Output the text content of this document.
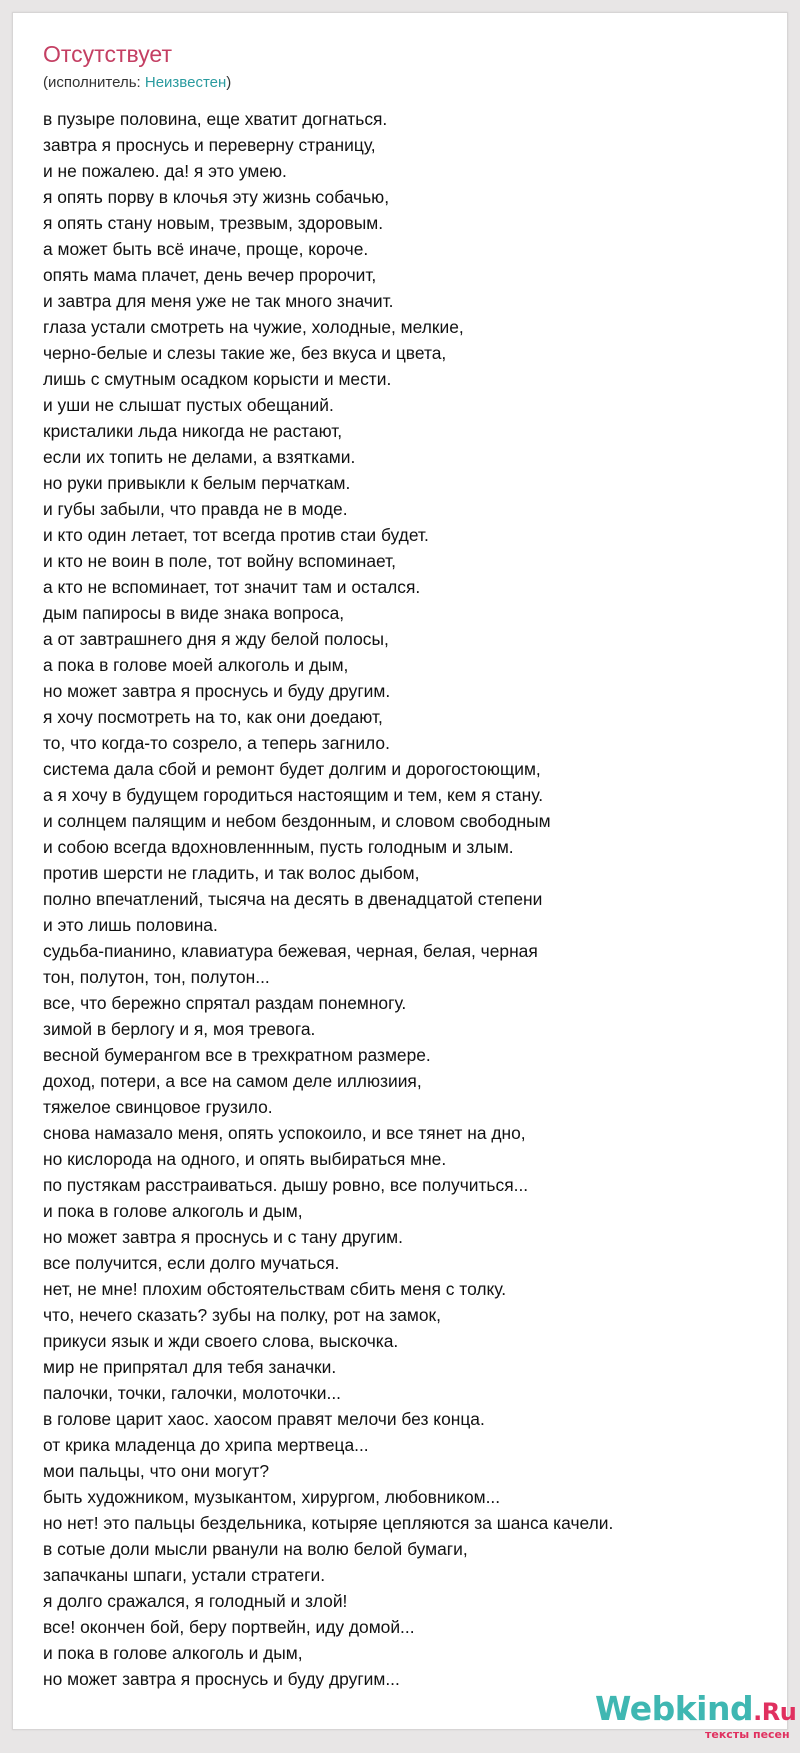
Отсутствует
(исполнитель: Неизвестен)
в пузыре половина, еще хватит догнаться.
завтра я проснусь и переверну страницу,
и не пожалею. да! я это умею.
я опять порву в клочья эту жизнь собачью,
я опять стану новым, трезвым, здоровым.
а может быть всё иначе, проще, короче.
опять мама плачет, день вечер пророчит,
и завтра для меня уже не так много значит.
глаза устали смотреть на чужие, холодные, мелкие,
черно-белые и слезы такие же, без вкуса и цвета,
лишь с смутным осадком корысти и мести.
и уши не слышат пустых обещаний.
кристалики льда никогда не растают,
если их топить не делами, а взятками.
но руки привыкли к белым перчаткам.
и губы забыли, что правда не в моде.
и кто один летает, тот всегда против стаи будет.
и кто не воин в поле, тот войну вспоминает,
а кто не вспоминает, тот значит там и остался.
дым папиросы в виде знака вопроса,
а от завтрашнего дня я жду белой полосы,
а пока в голове моей алкоголь и дым,
но может завтра я проснусь и буду другим.
я хочу посмотреть на то, как они доедают,
то, что когда-то созрело, а теперь загнило.
система дала сбой и ремонт будет долгим и дорогостоющим,
а я хочу в будущем городиться настоящим и тем, кем я стану.
и солнцем палящим и небом бездонным, и словом свободным
и собою всегда вдохновленнным, пусть голодным и злым.
против шерсти не гладить, и так волос дыбом,
полно впечатлений, тысяча на десять в двенадцатой степени
и это лишь половина.
судьба-пианино, клавиатура бежевая, черная, белая, черная
тон, полутон, тон, полутон...
все, что бережно спрятал раздам понемногу.
зимой в берлогу и я, моя тревога.
весной бумерангом все в трехкратном размере.
доход, потери, а все на самом деле иллюзиия,
тяжелое свинцовое грузило.
снова намазало меня, опять успокоило, и все тянет на дно,
но кислорода на одного, и опять выбираться мне.
по пустякам расстраиваться. дышу ровно, все получиться...
и пока в голове алкоголь и дым,
но может завтра я проснусь и с тану другим.
все получится, если долго мучаться.
нет, не мне! плохим обстоятельствам сбить меня с толку.
что, нечего сказать? зубы на полку, рот на замок,
прикуси язык и жди своего слова, выскочка.
мир не припрятал для тебя заначки.
палочки, точки, галочки, молоточки...
в голове царит хаос. хаосом правят мелочи без конца.
от крика младенца до хрипа мертвеца...
мои пальцы, что они могут?
быть художником, музыкантом, хирургом, любовником...
но нет! это пальцы бездельника, котыряе цепляются за шанса качели.
в сотые доли мысли рванули на волю белой бумаги,
запачканы шпаги, устали стратеги.
я долго сражался, я голодный и злой!
все! окончен бой, беру портвейн, иду домой...
и пока в голове алкоголь и дым,
но может завтра я проснусь и буду другим...
Webkind.Ru
тексты песен
